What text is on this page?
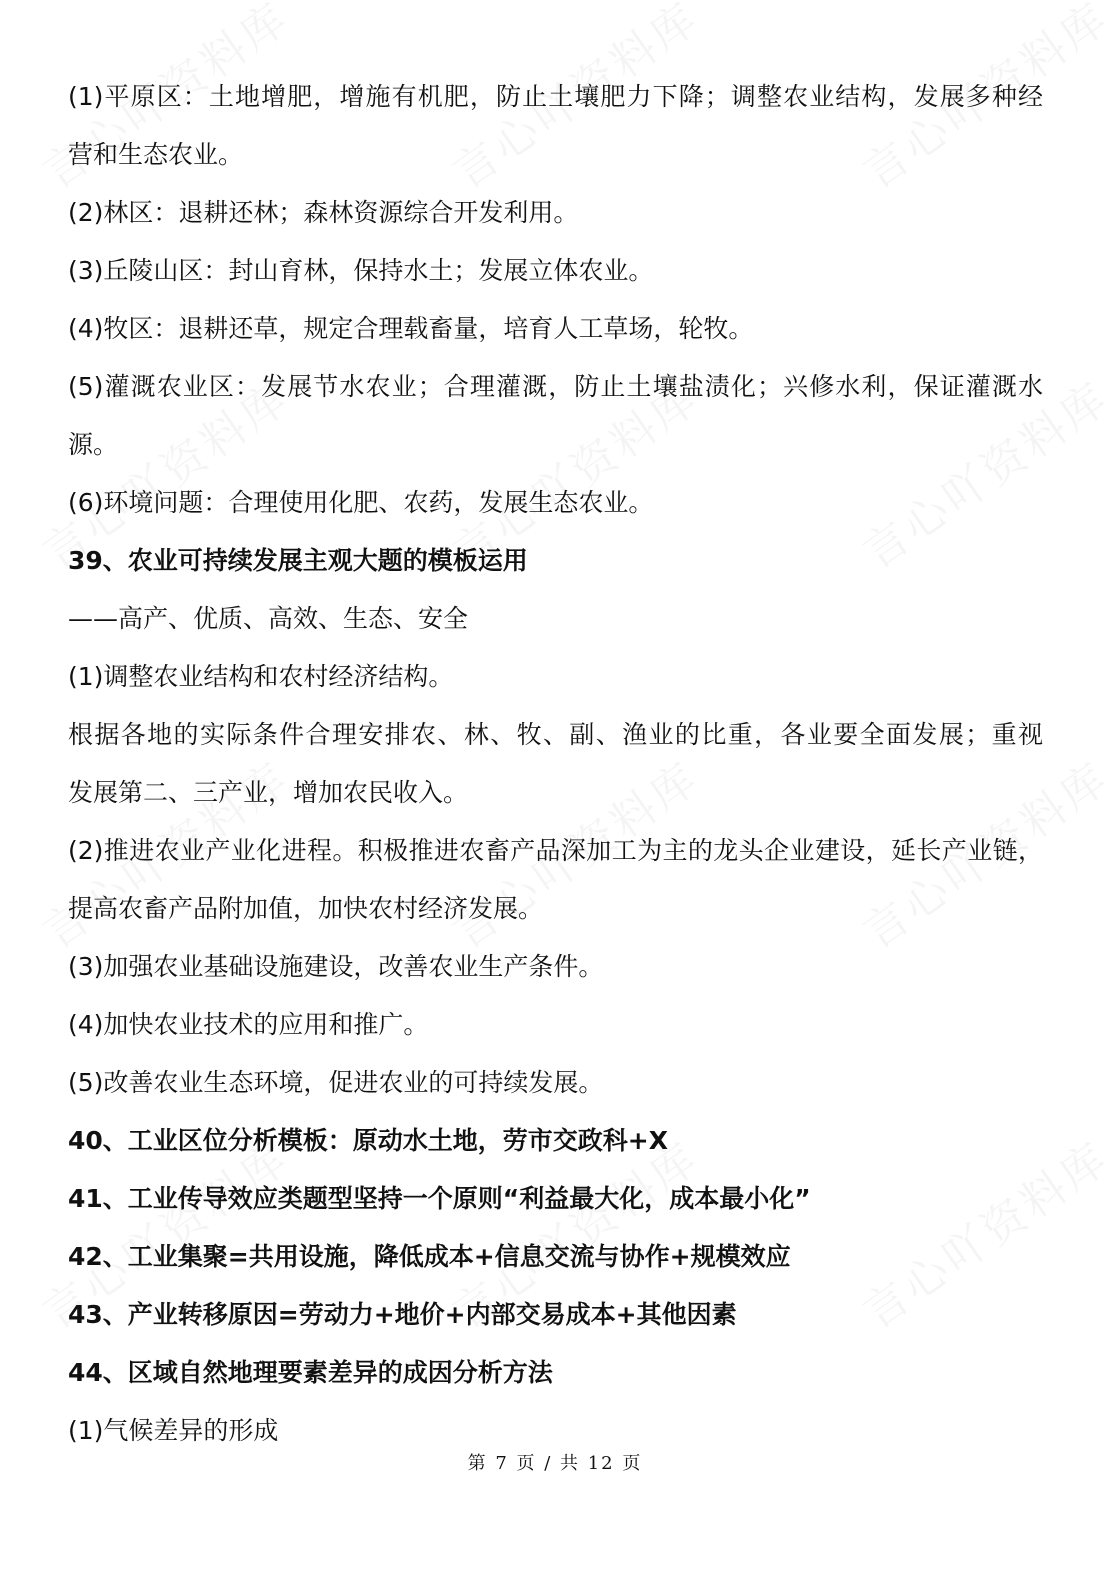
(1)平原区：土地增肥，增施有机肥，防止土壤肥力下降；调整农业结构，发展多种经
营和生态农业。
(2)林区：退耕还林；森林资源综合开发利用。
(3)丘陵山区：封山育林，保持水土；发展立体农业。
(4)牧区：退耕还草，规定合理载畜量，培育人工草场，轮牧。
(5)灌溉农业区：发展节水农业；合理灌溉，防止土壤盐渍化；兴修水利，保证灌溉水
源。
(6)环境问题：合理使用化肥、农药，发展生态农业。
39、农业可持续发展主观大题的模板运用
——高产、优质、高效、生态、安全
(1)调整农业结构和农村经济结构。
根据各地的实际条件合理安排农、林、牧、副、渔业的比重，各业要全面发展；重视
发展第二、三产业，增加农民收入。
(2)推进农业产业化进程。积极推进农畜产品深加工为主的龙头企业建设，延长产业链，
提高农畜产品附加值，加快农村经济发展。
(3)加强农业基础设施建设，改善农业生产条件。
(4)加快农业技术的应用和推广。
(5)改善农业生态环境，促进农业的可持续发展。
40、工业区位分析模板：原动水土地，劳市交政科+X
41、工业传导效应类题型坚持一个原则“利益最大化，成本最小化”
42、工业集聚=共用设施，降低成本+信息交流与协作+规模效应
43、产业转移原因=劳动力+地价+内部交易成本+其他因素
44、区域自然地理要素差异的成因分析方法
(1)气候差异的形成
第 7 页 / 共 12 页
